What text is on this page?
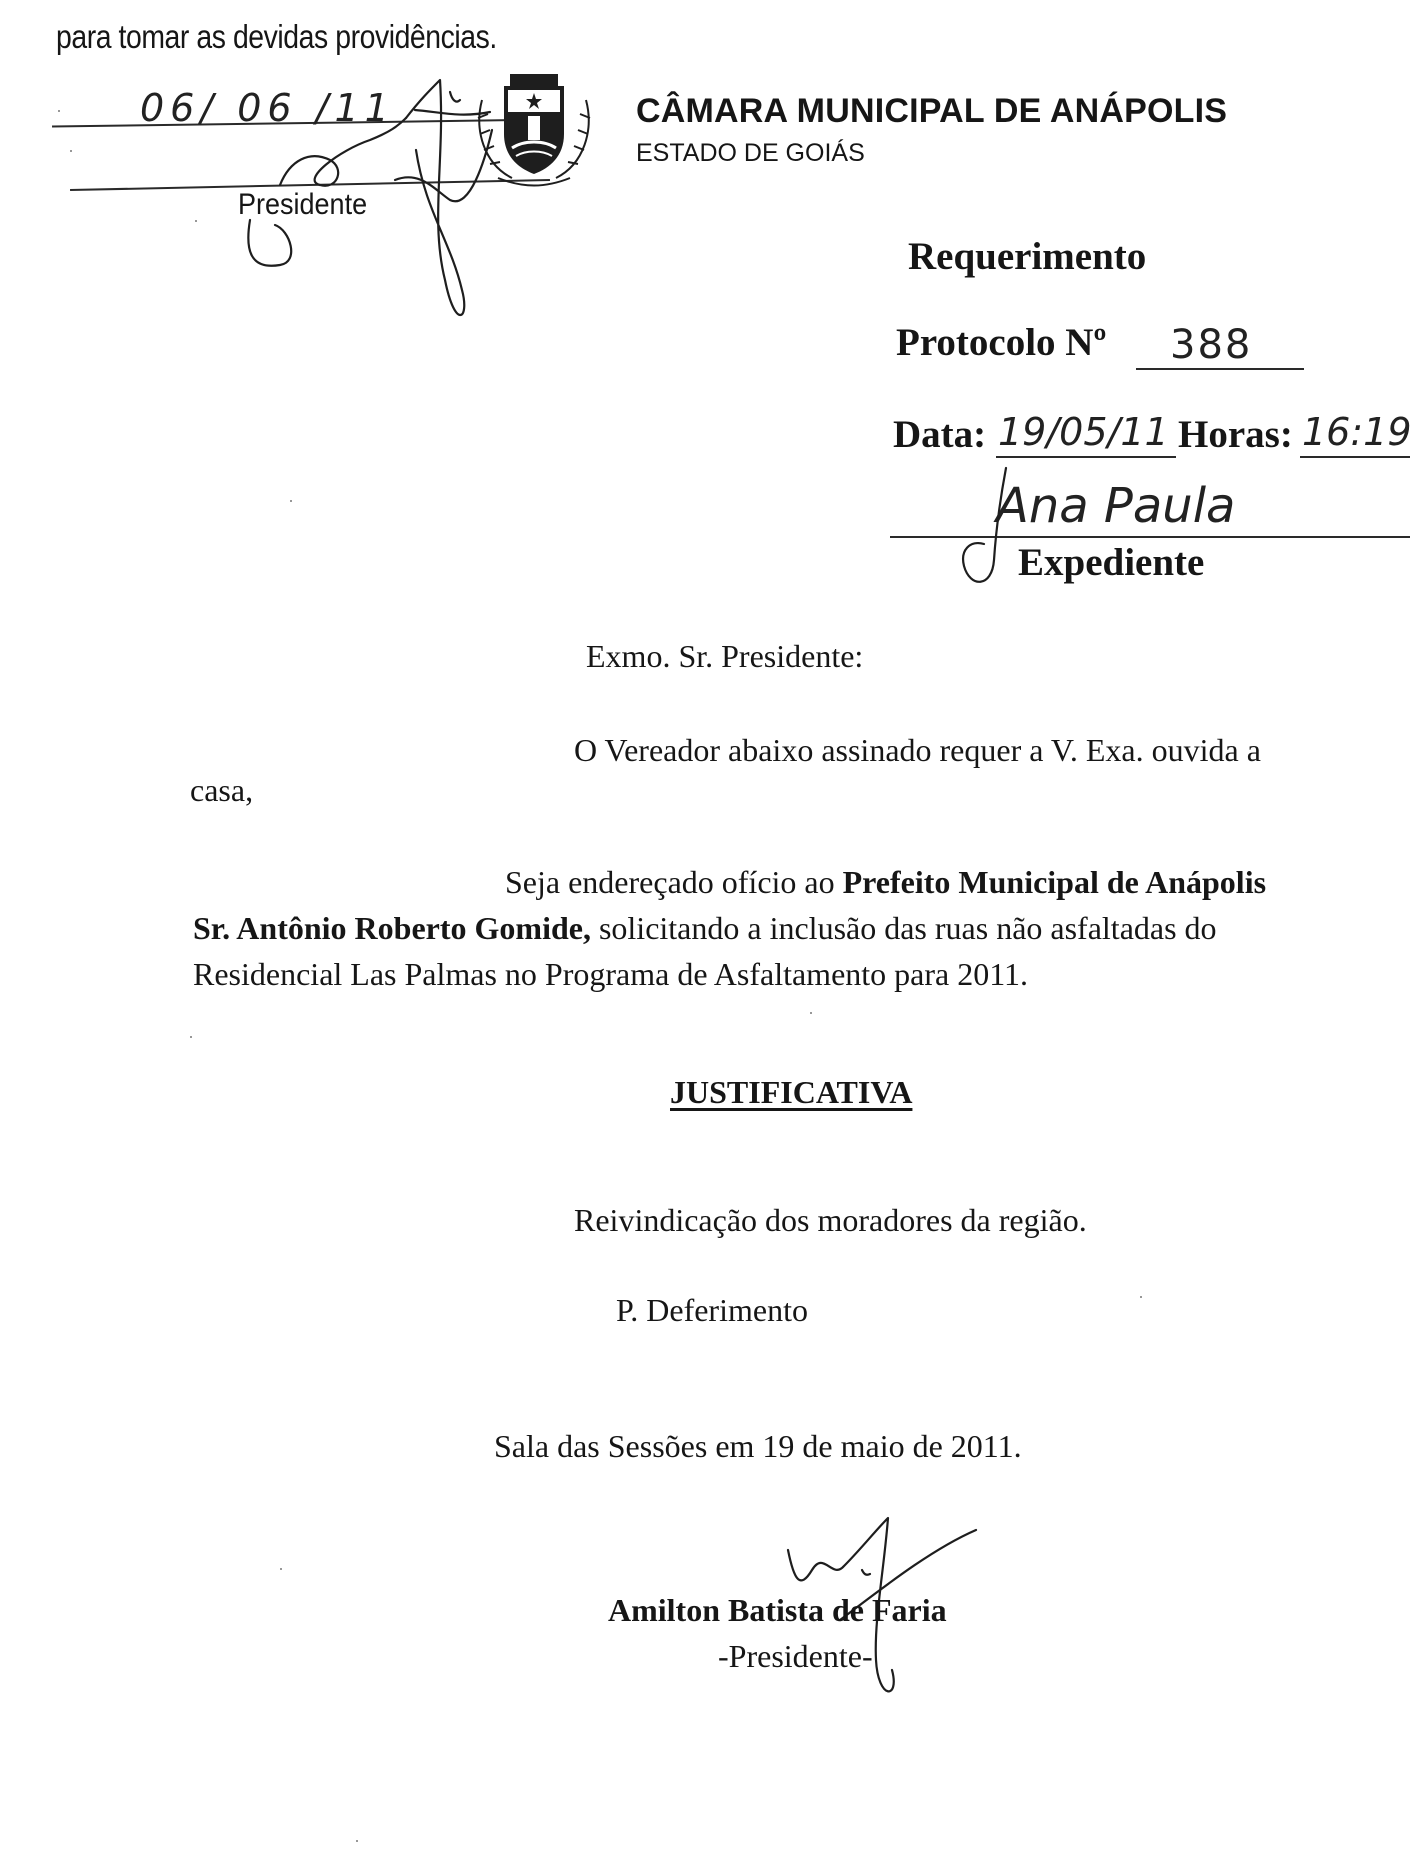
para tomar as devidas providências.
06/ 06 /11
Presidente
CÂMARA MUNICIPAL DE ANÁPOLIS
ESTADO DE GOIÁS
Requerimento
Protocolo Nº 388
Data: 19/05/11 Horas: 16:19
Ana Paula
Expediente
Exmo. Sr. Presidente:
O Vereador abaixo assinado requer a V. Exa. ouvida a
casa,
Seja endereçado ofício ao Prefeito Municipal de Anápolis
Sr. Antônio Roberto Gomide, solicitando a inclusão das ruas não asfaltadas do
Residencial Las Palmas no Programa de Asfaltamento para 2011.
JUSTIFICATIVA
Reivindicação dos moradores da região.
P. Deferimento
Sala das Sessões em 19 de maio de 2011.
Amilton Batista de Faria
-Presidente-
